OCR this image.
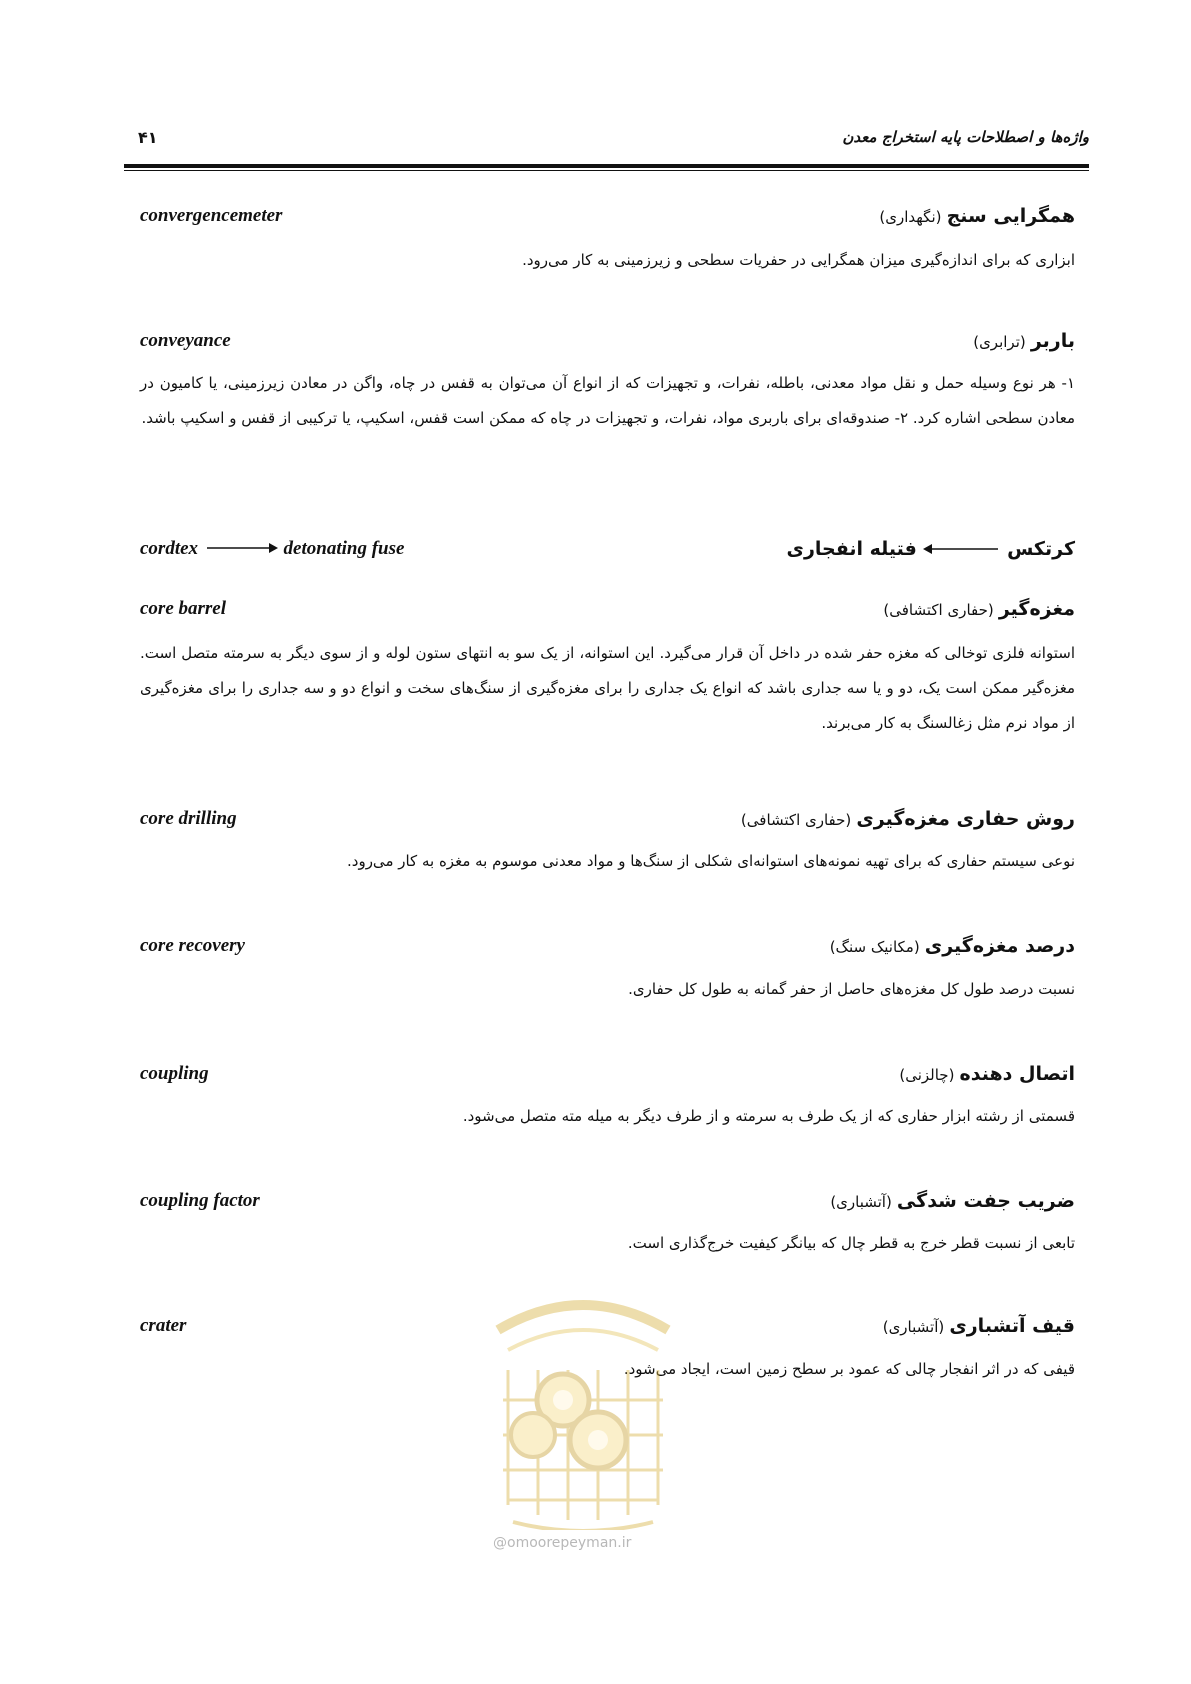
واژه‌ها و اصطلاحات پایه استخراج معدن
۴۱
convergencemeter	همگرایی سنج (نگهداری)
ابزاری که برای اندازه‌گیری میزان همگرایی در حفریات سطحی و زیرزمینی به کار می‌رود.
conveyance	باربر (ترابری)
۱- هر نوع وسیله حمل و نقل مواد معدنی، باطله، نفرات، و تجهیزات که از انواع آن می‌توان به قفس در چاه، واگن در معادن زیرزمینی، یا کامیون در معادن سطحی اشاره کرد. ۲- صندوقه‌ای برای باربری مواد، نفرات، و تجهیزات در چاه که ممکن است قفس، اسکیپ، یا ترکیبی از قفس و اسکیپ باشد.
cordtex	detonating fuse	کرتکس  فتیله انفجاری
core barrel	مغزه‌گیر (حفاری اکتشافی)
استوانه فلزی توخالی که مغزه حفر شده در داخل آن قرار می‌گیرد. این استوانه، از یک سو به انتهای ستون لوله و از سوی دیگر به سرمته متصل است. مغزه‌گیر ممکن است یک، دو و یا سه جداری باشد که انواع یک جداری را برای مغزه‌گیری از سنگ‌های سخت و انواع دو و سه جداری را برای مغزه‌گیری از مواد نرم مثل زغالسنگ به کار می‌برند.
core drilling	روش حفاری مغزه‌گیری (حفاری اکتشافی)
نوعی سیستم حفاری که برای تهیه نمونه‌های استوانه‌ای شکلی از سنگ‌ها و مواد معدنی موسوم به مغزه به کار می‌رود.
core recovery	درصد مغزه‌گیری (مکانیک سنگ)
نسبت درصد طول کل مغزه‌های حاصل از حفر گمانه به طول کل حفاری.
coupling	اتصال دهنده (چالزنی)
قسمتی از رشته ابزار حفاری که از یک طرف به سرمته و از طرف دیگر به میله مته متصل می‌شود.
coupling factor	ضریب جفت شدگی (آتشباری)
تابعی از نسبت قطر خرج به قطر چال که بیانگر کیفیت خرج‌گذاری است.
crater	قیف آتشباری (آتشباری)
قیفی که در اثر انفجار چالی که عمود بر سطح زمین است، ایجاد می‌شود.
@omoorepeyman.ir
